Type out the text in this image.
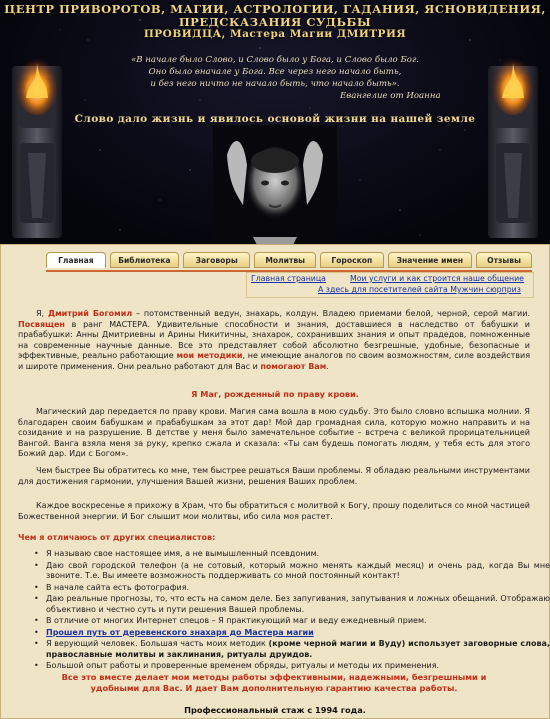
ЦЕНТР ПРИВОРОТОВ, МАГИИ, АСТРОЛОГИИ, ГАДАНИЯ, ЯСНОВИДЕНИЯ,
ПРЕДСКАЗАНИЯ СУДЬБЫ
ПРОВИДЦА, Мастера Магии ДМИТРИЯ
«В начале было Слово, и Слово было у Бога, и Слово было Бог.
Оно было вначале у Бога. Все через него начало быть,
и без него ничто не начало быть, что начало быть».
Евангелие от Иоанна
Слово дало жизнь и явилось основой жизни на нашей земле
Главная	Библиотека	Заговоры	Молитвы	Гороскоп	Значение имен	Отзывы
Главная страница	Мои услуги и как строится наше общение
А здесь для посетителей сайта Мужчин сюрприз

Я, Дмитрий Богомил – потомственный ведун, знахарь, колдун. Владею приемами белой, черной, серой магии. Посвящен в ранг МАСТЕРА. Удивительные способности и знания, доставшиеся в наследство от бабушки и прабабушки: Анны Дмитриевны и Арины Никитичны, знахарок, сохранивших знания и опыт прадедов, помноженные на современные научные данные. Все это представляет собой абсолютно безгрешные, удобные, безопасные и эффективные, реально работающие мои методики, не имеющие аналогов по своим возможностям, силе воздействия и широте применения. Они реально работают для Вас и помогают Вам.

Я Маг, рожденный по праву крови.

Магический дар передается по праву крови. Магия сама вошла в мою судьбу. Это было словно вспышка молнии. Я благодарен своим бабушкам и прабабушкам за этот дар! Мой дар громадная сила, которую можно направить и на созидание и на разрушение. В детстве у меня было замечательное событие – встреча с великой прорицательницей Вангой. Ванга взяла меня за руку, крепко сжала и сказала: «Ты сам будешь помогать людям, у тебя есть для этого Божий дар. Иди с Богом».

Чем быстрее Вы обратитесь ко мне, тем быстрее решаться Ваши проблемы. Я обладаю реальными инструментами для достижения гармонии, улучшения Вашей жизни, решения Ваших проблем.

Каждое воскресенье я прихожу в Храм, что бы обратиться с молитвой к Богу, прошу поделиться со мной частицей Божественной энергии. И Бог слышит мои молитвы, ибо сила моя растет.

Чем я отличаюсь от других специалистов:
• Я называю свое настоящее имя, а не вымышленный псевдоним.
• Даю свой городской телефон (а не сотовый, который можно менять каждый месяц) и очень рад, когда Вы мне звоните. Т.е. Вы имеете возможность поддерживать со мной постоянный контакт!
• В начале сайта есть фотография.
• Даю реальные прогнозы, то, что есть на самом деле. Без запугивания, запутывания и ложных обещаний. Отображаю объективно и честно суть и пути решения Вашей проблемы.
• В отличие от многих Интернет спецов – Я практикующий маг и веду ежедневный прием.
• Прошел путь от деревенского знахаря до Мастера магии
• Я верующий человек. Большая часть моих методик (кроме черной магии и Вуду) использует заговорные слова, православные молитвы и заклинания, ритуалы друидов.
• Большой опыт работы и проверенные временем обряды, ритуалы и методы их применения.
Все это вместе делает мои методы работы эффективными, надежными, безгрешными и
удобными для Вас. И дает Вам дополнительную гарантию качества работы.
Профессиональный стаж с 1994 года.
